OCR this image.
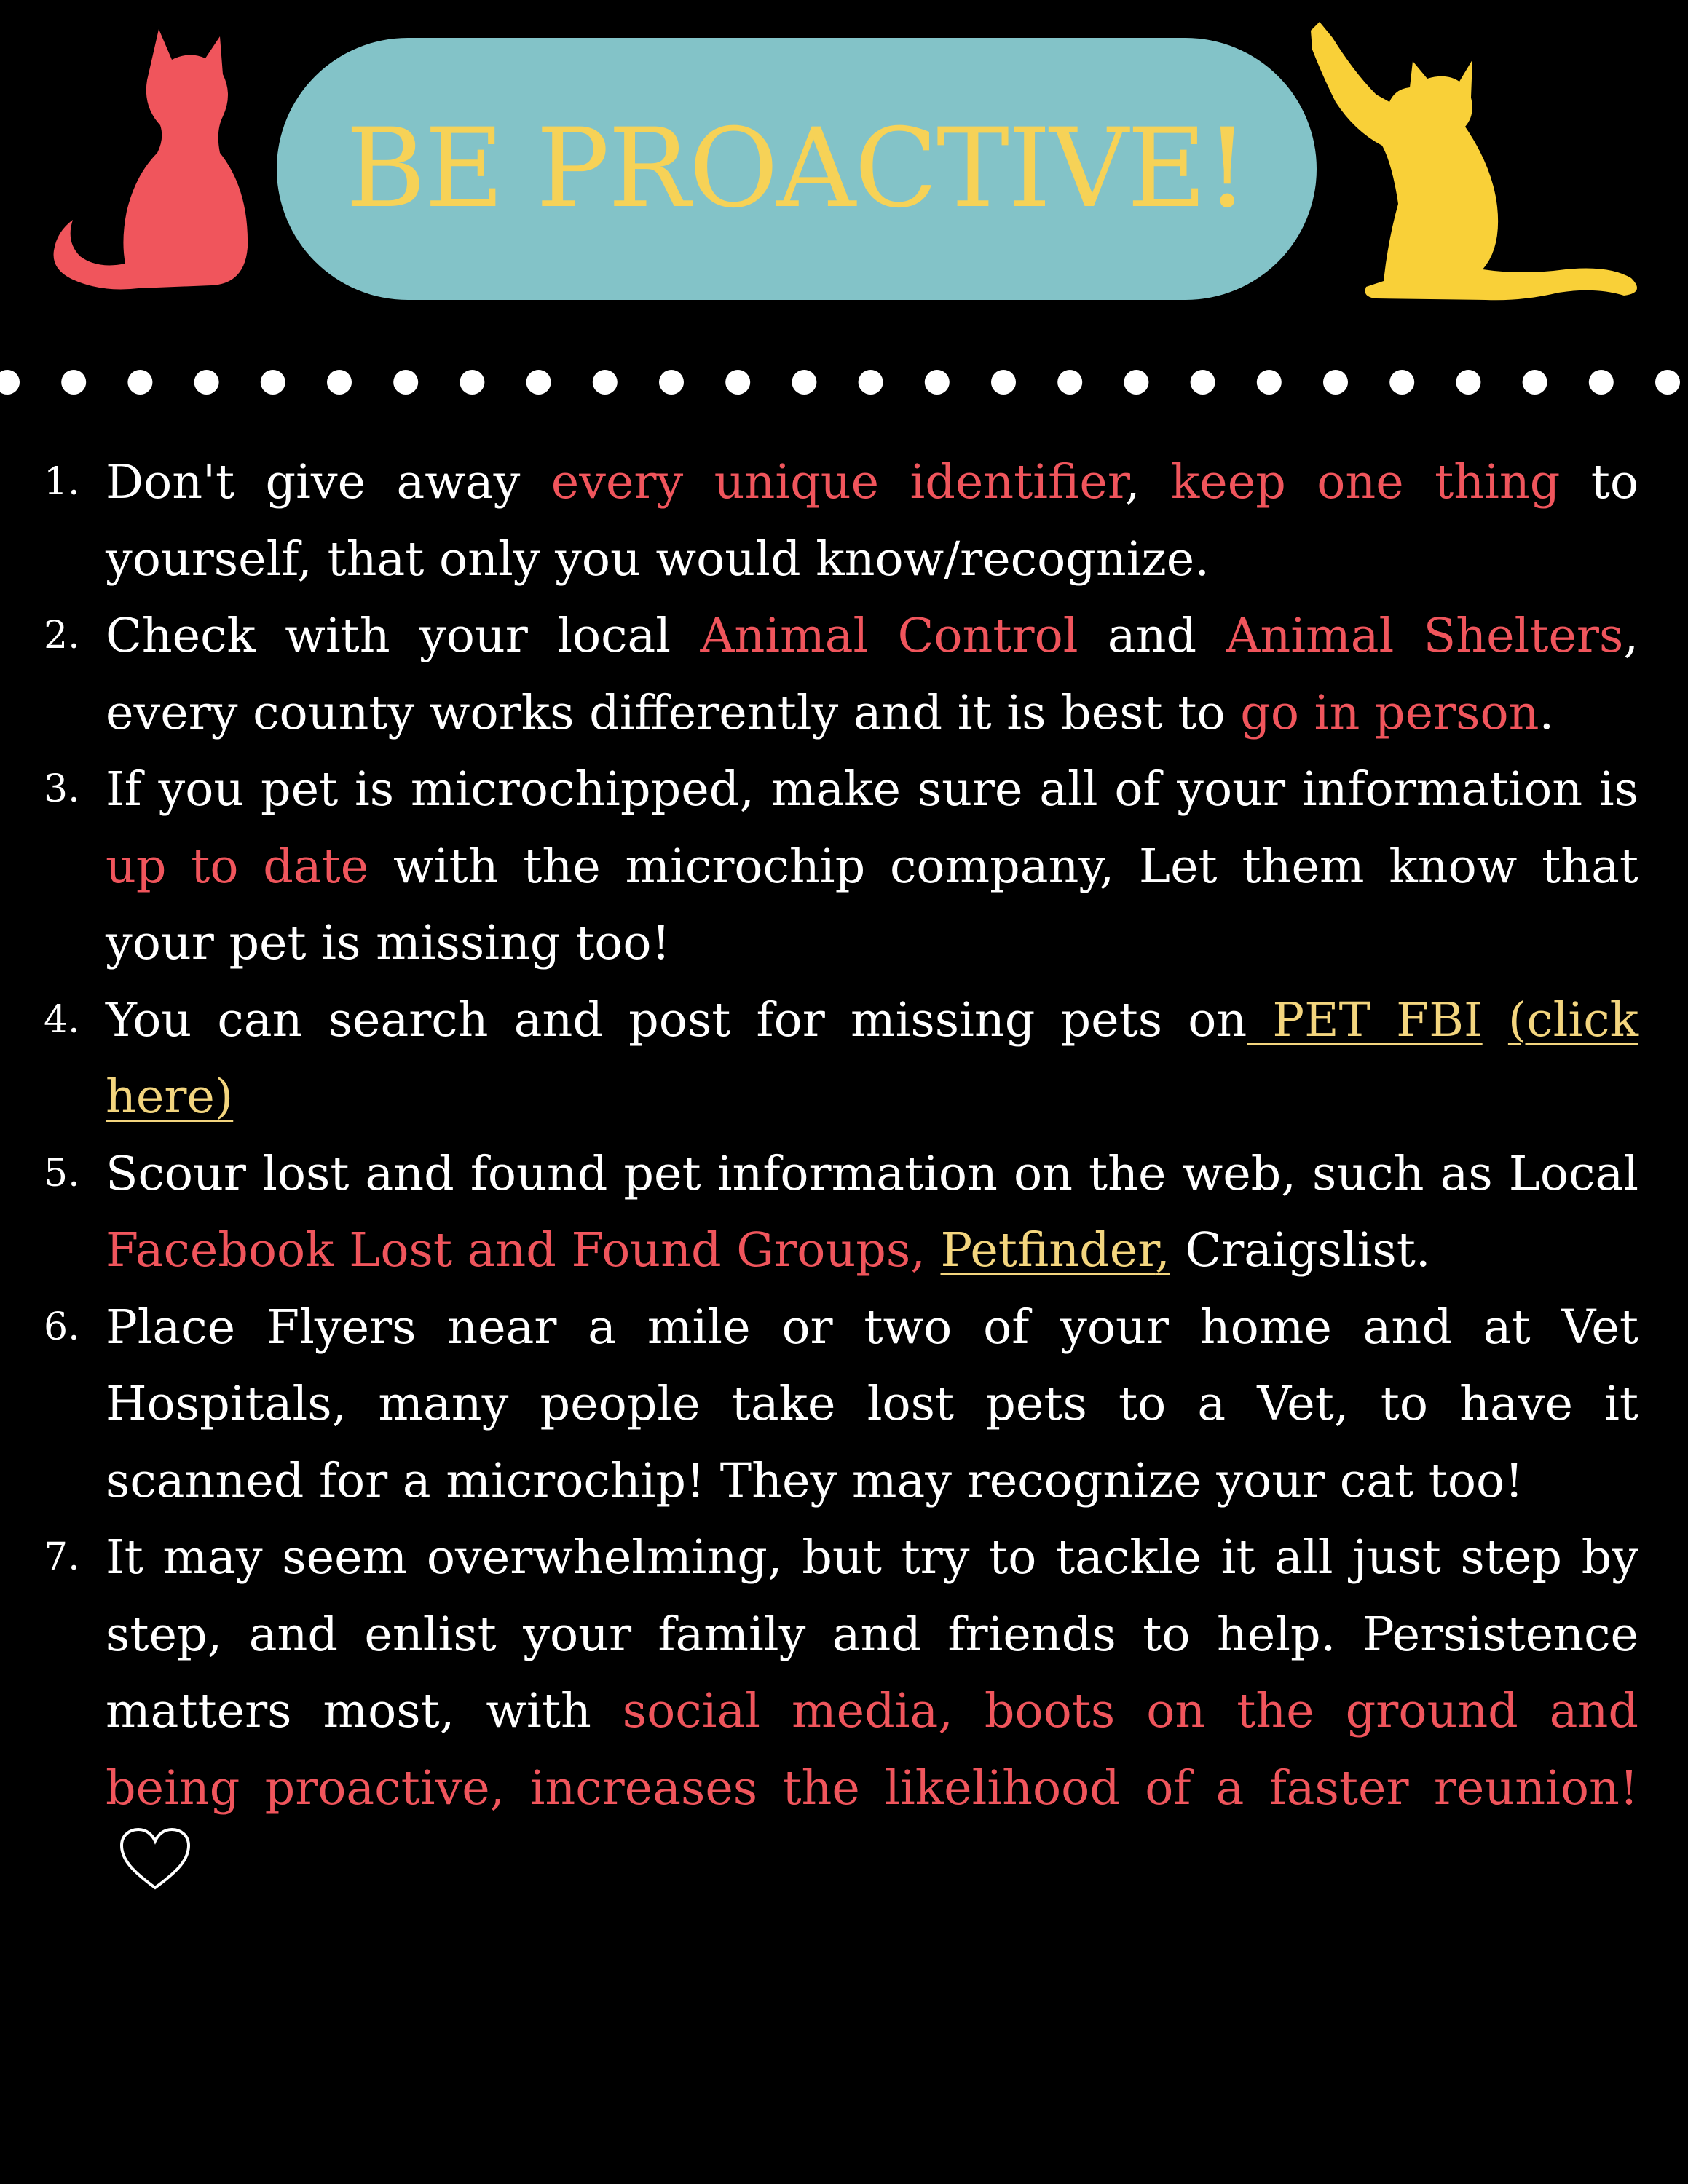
BE PROACTIVE!
1. Don't give away every unique identifier, keep one thing to yourself, that only you would know/recognize.
2. Check with your local Animal Control and Animal Shelters, every county works differently and it is best to go in person.
3. If you pet is microchipped, make sure all of your information is up to date with the microchip company, Let them know that your pet is missing too!
4. You can search and post for missing pets on PET FBI (click here)
5. Scour lost and found pet information on the web, such as Local Facebook Lost and Found Groups, Petfinder, Craigslist.
6. Place Flyers near a mile or two of your home and at Vet Hospitals, many people take lost pets to a Vet, to have it scanned for a microchip! They may recognize your cat too!
7. It may seem overwhelming, but try to tackle it all just step by step, and enlist your family and friends to help. Persistence matters most, with social media, boots on the ground and being proactive, increases the likelihood of a faster reunion!
